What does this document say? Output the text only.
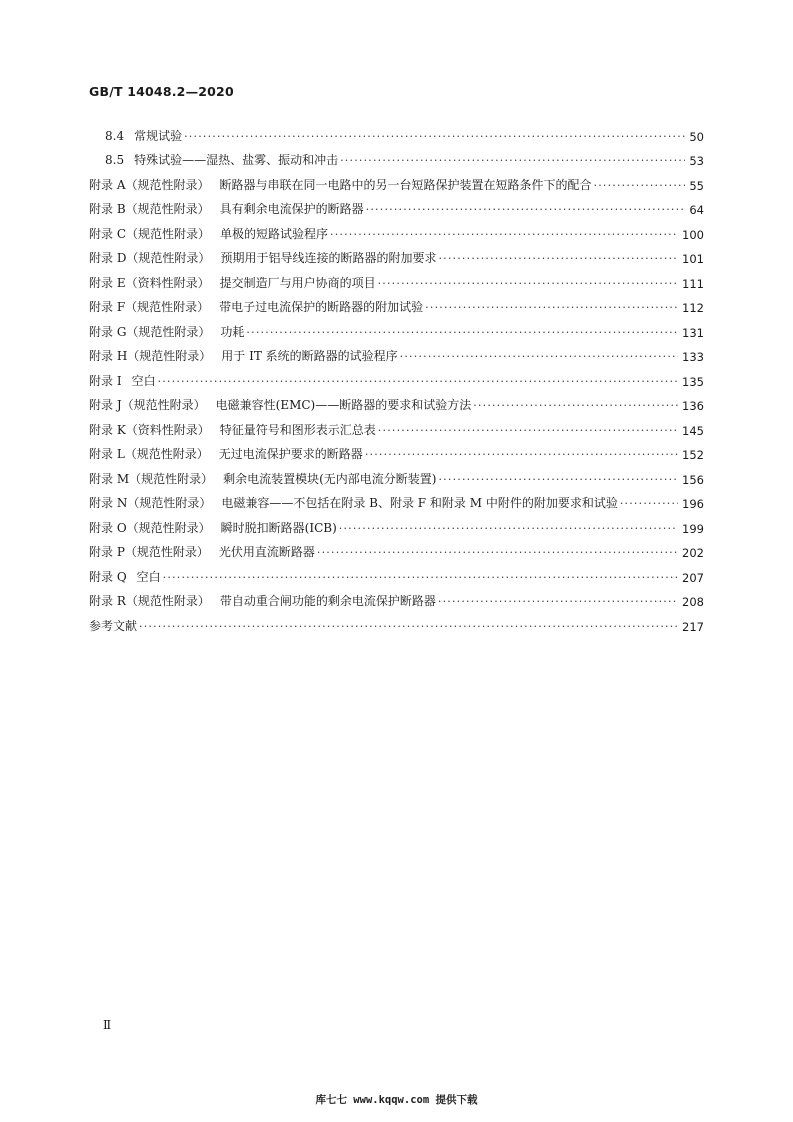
GB/T 14048.2—2020
8.4 常规试验 ·····	50
8.5 特殊试验——湿热、盐雾、振动和冲击 ·····	53
附录 A（规范性附录） 断路器与串联在同一电路中的另一台短路保护装置在短路条件下的配合 ·····	55
附录 B（规范性附录） 具有剩余电流保护的断路器 ·····	64
附录 C（规范性附录） 单极的短路试验程序 ·····	100
附录 D（规范性附录） 预期用于铝导线连接的断路器的附加要求 ·····	101
附录 E（资料性附录） 提交制造厂与用户协商的项目 ·····	111
附录 F（规范性附录） 带电子过电流保护的断路器的附加试验 ·····	112
附录 G（规范性附录） 功耗 ·····	131
附录 H（规范性附录） 用于 IT 系统的断路器的试验程序 ·····	133
附录 I 空白 ·····	135
附录 J（规范性附录） 电磁兼容性(EMC)——断路器的要求和试验方法 ·····	136
附录 K（资料性附录） 特征量符号和图形表示汇总表 ·····	145
附录 L（规范性附录） 无过电流保护要求的断路器 ·····	152
附录 M（规范性附录） 剩余电流装置模块(无内部电流分断装置) ·····	156
附录 N（规范性附录） 电磁兼容——不包括在附录 B、附录 F 和附录 M 中附件的附加要求和试验 ·····	196
附录 O（规范性附录） 瞬时脱扣断路器(ICB) ·····	199
附录 P（规范性附录） 光伏用直流断路器 ·····	202
附录 Q 空白 ·····	207
附录 R（规范性附录） 带自动重合闸功能的剩余电流保护断路器 ·····	208
参考文献 ·····	217
Ⅱ
库七七 www.kqqw.com 提供下载
